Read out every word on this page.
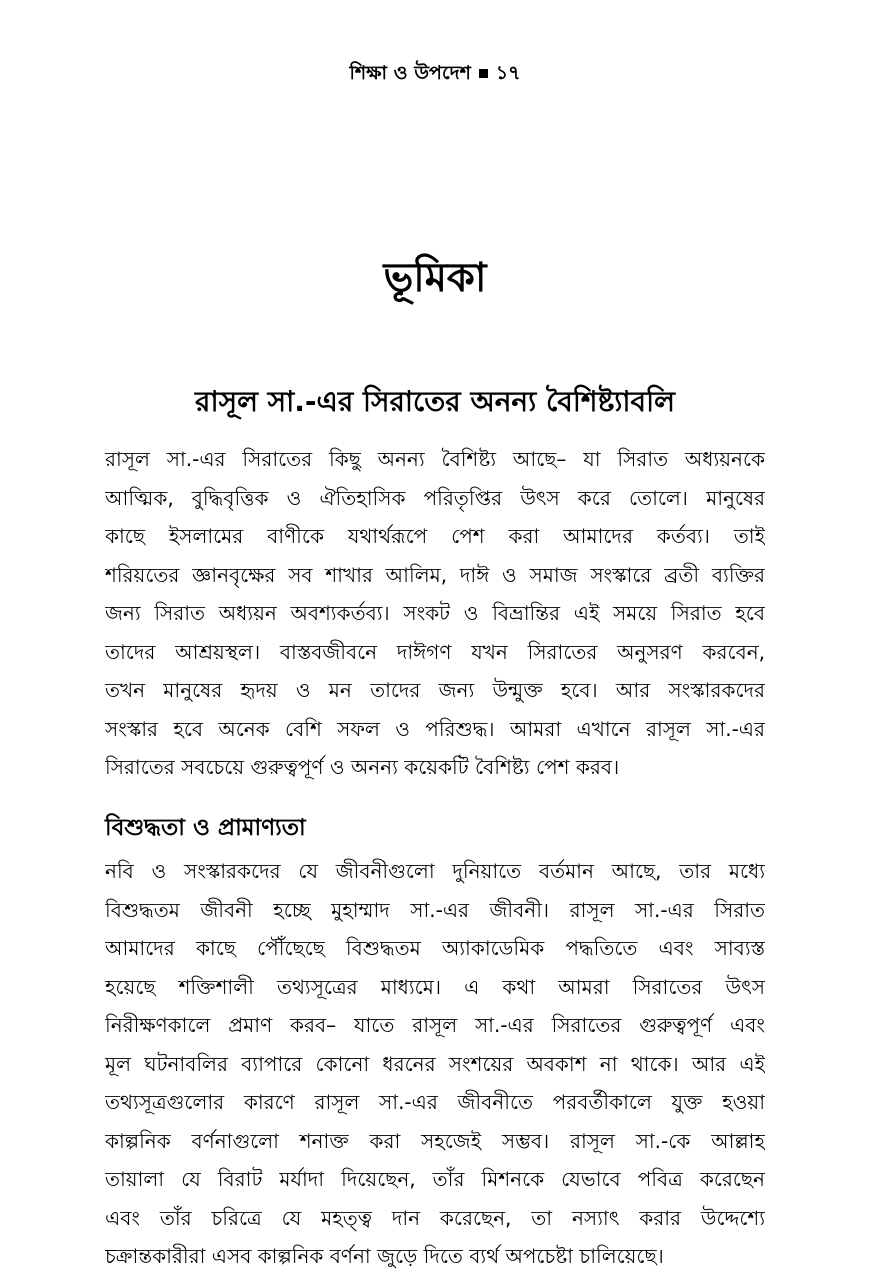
শিক্ষা ও উপদেশ ১৭
ভূমিকা
রাসূল সা.-এর সিরাতের অনন্য বৈশিষ্ট্যাবলি
রাসূল সা.-এর সিরাতের কিছু অনন্য বৈশিষ্ট্য আছে– যা সিরাত অধ্যয়নকে
আত্মিক, বুদ্ধিবৃত্তিক ও ঐতিহাসিক পরিতৃপ্তির উৎস করে তোলে। মানুষের
কাছে ইসলামের বাণীকে যথার্থরূপে পেশ করা আমাদের কর্তব্য। তাই
শরিয়তের জ্ঞানবৃক্ষের সব শাখার আলিম, দাঈ ও সমাজ সংস্কারে ব্রতী ব্যক্তির
জন্য সিরাত অধ্যয়ন অবশ্যকর্তব্য। সংকট ও বিভ্রান্তির এই সময়ে সিরাত হবে
তাদের আশ্রয়স্থল। বাস্তবজীবনে দাঈগণ যখন সিরাতের অনুসরণ করবেন,
তখন মানুষের হৃদয় ও মন তাদের জন্য উন্মুক্ত হবে। আর সংস্কারকদের
সংস্কার হবে অনেক বেশি সফল ও পরিশুদ্ধ। আমরা এখানে রাসূল সা.-এর
সিরাতের সবচেয়ে গুরুত্বপূর্ণ ও অনন্য কয়েকটি বৈশিষ্ট্য পেশ করব।
বিশুদ্ধতা ও প্রামাণ্যতা
নবি ও সংস্কারকদের যে জীবনীগুলো দুনিয়াতে বর্তমান আছে, তার মধ্যে
বিশুদ্ধতম জীবনী হচ্ছে মুহাম্মাদ সা.-এর জীবনী। রাসূল সা.-এর সিরাত
আমাদের কাছে পৌঁছেছে বিশুদ্ধতম অ্যাকাডেমিক পদ্ধতিতে এবং সাব্যস্ত
হয়েছে শক্তিশালী তথ্যসূত্রের মাধ্যমে। এ কথা আমরা সিরাতের উৎস
নিরীক্ষণকালে প্রমাণ করব– যাতে রাসূল সা.-এর সিরাতের গুরুত্বপূর্ণ এবং
মূল ঘটনাবলির ব্যাপারে কোনো ধরনের সংশয়ের অবকাশ না থাকে। আর এই
তথ্যসূত্রগুলোর কারণে রাসূল সা.-এর জীবনীতে পরবর্তীকালে যুক্ত হওয়া
কাল্পনিক বর্ণনাগুলো শনাক্ত করা সহজেই সম্ভব। রাসূল সা.-কে আল্লাহ
তায়ালা যে বিরাট মর্যাদা দিয়েছেন, তাঁর মিশনকে যেভাবে পবিত্র করেছেন
এবং তাঁর চরিত্রে যে মহত্ত্ব দান করেছেন, তা নস্যাৎ করার উদ্দেশ্যে
চক্রান্তকারীরা এসব কাল্পনিক বর্ণনা জুড়ে দিতে ব্যর্থ অপচেষ্টা চালিয়েছে।
